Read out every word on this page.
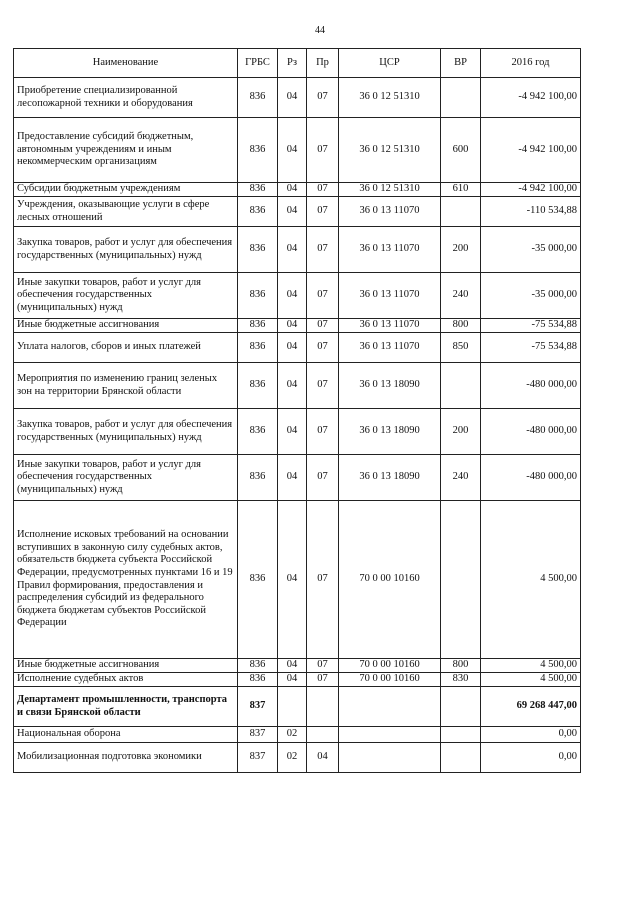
44
Наименование	ГРБС	Рз	Пр	ЦСР	ВР	2016 год
Приобретение специализированной лесопожарной техники и оборудования	836	04	07	36 0 12 51310		-4 942 100,00
Предоставление субсидий бюджетным, автономным учреждениям и иным некоммерческим организациям	836	04	07	36 0 12 51310	600	-4 942 100,00
Субсидии бюджетным учреждениям	836	04	07	36 0 12 51310	610	-4 942 100,00
Учреждения, оказывающие услуги в сфере лесных отношений	836	04	07	36 0 13 11070		-110 534,88
Закупка товаров, работ и услуг для обеспечения государственных (муниципальных) нужд	836	04	07	36 0 13 11070	200	-35 000,00
Иные закупки товаров, работ и услуг для обеспечения государственных (муниципальных) нужд	836	04	07	36 0 13 11070	240	-35 000,00
Иные бюджетные ассигнования	836	04	07	36 0 13 11070	800	-75 534,88
Уплата налогов, сборов и иных платежей	836	04	07	36 0 13 11070	850	-75 534,88
Мероприятия по изменению границ зеленых зон на территории Брянской области	836	04	07	36 0 13 18090		-480 000,00
Закупка товаров, работ и услуг для обеспечения государственных (муниципальных) нужд	836	04	07	36 0 13 18090	200	-480 000,00
Иные закупки товаров, работ и услуг для обеспечения государственных (муниципальных) нужд	836	04	07	36 0 13 18090	240	-480 000,00
Исполнение исковых требований на основании вступивших в законную силу судебных актов, обязательств бюджета субъекта Российской Федерации, предусмотренных пунктами 16 и 19 Правил формирования, предоставления и распределения субсидий из федерального бюджета бюджетам субъектов Российской Федерации	836	04	07	70 0 00 10160		4 500,00
Иные бюджетные ассигнования	836	04	07	70 0 00 10160	800	4 500,00
Исполнение судебных актов	836	04	07	70 0 00 10160	830	4 500,00
Департамент промышленности, транспорта и связи Брянской области	837					69 268 447,00
Национальная оборона	837	02				0,00
Мобилизационная подготовка экономики	837	02	04			0,00
